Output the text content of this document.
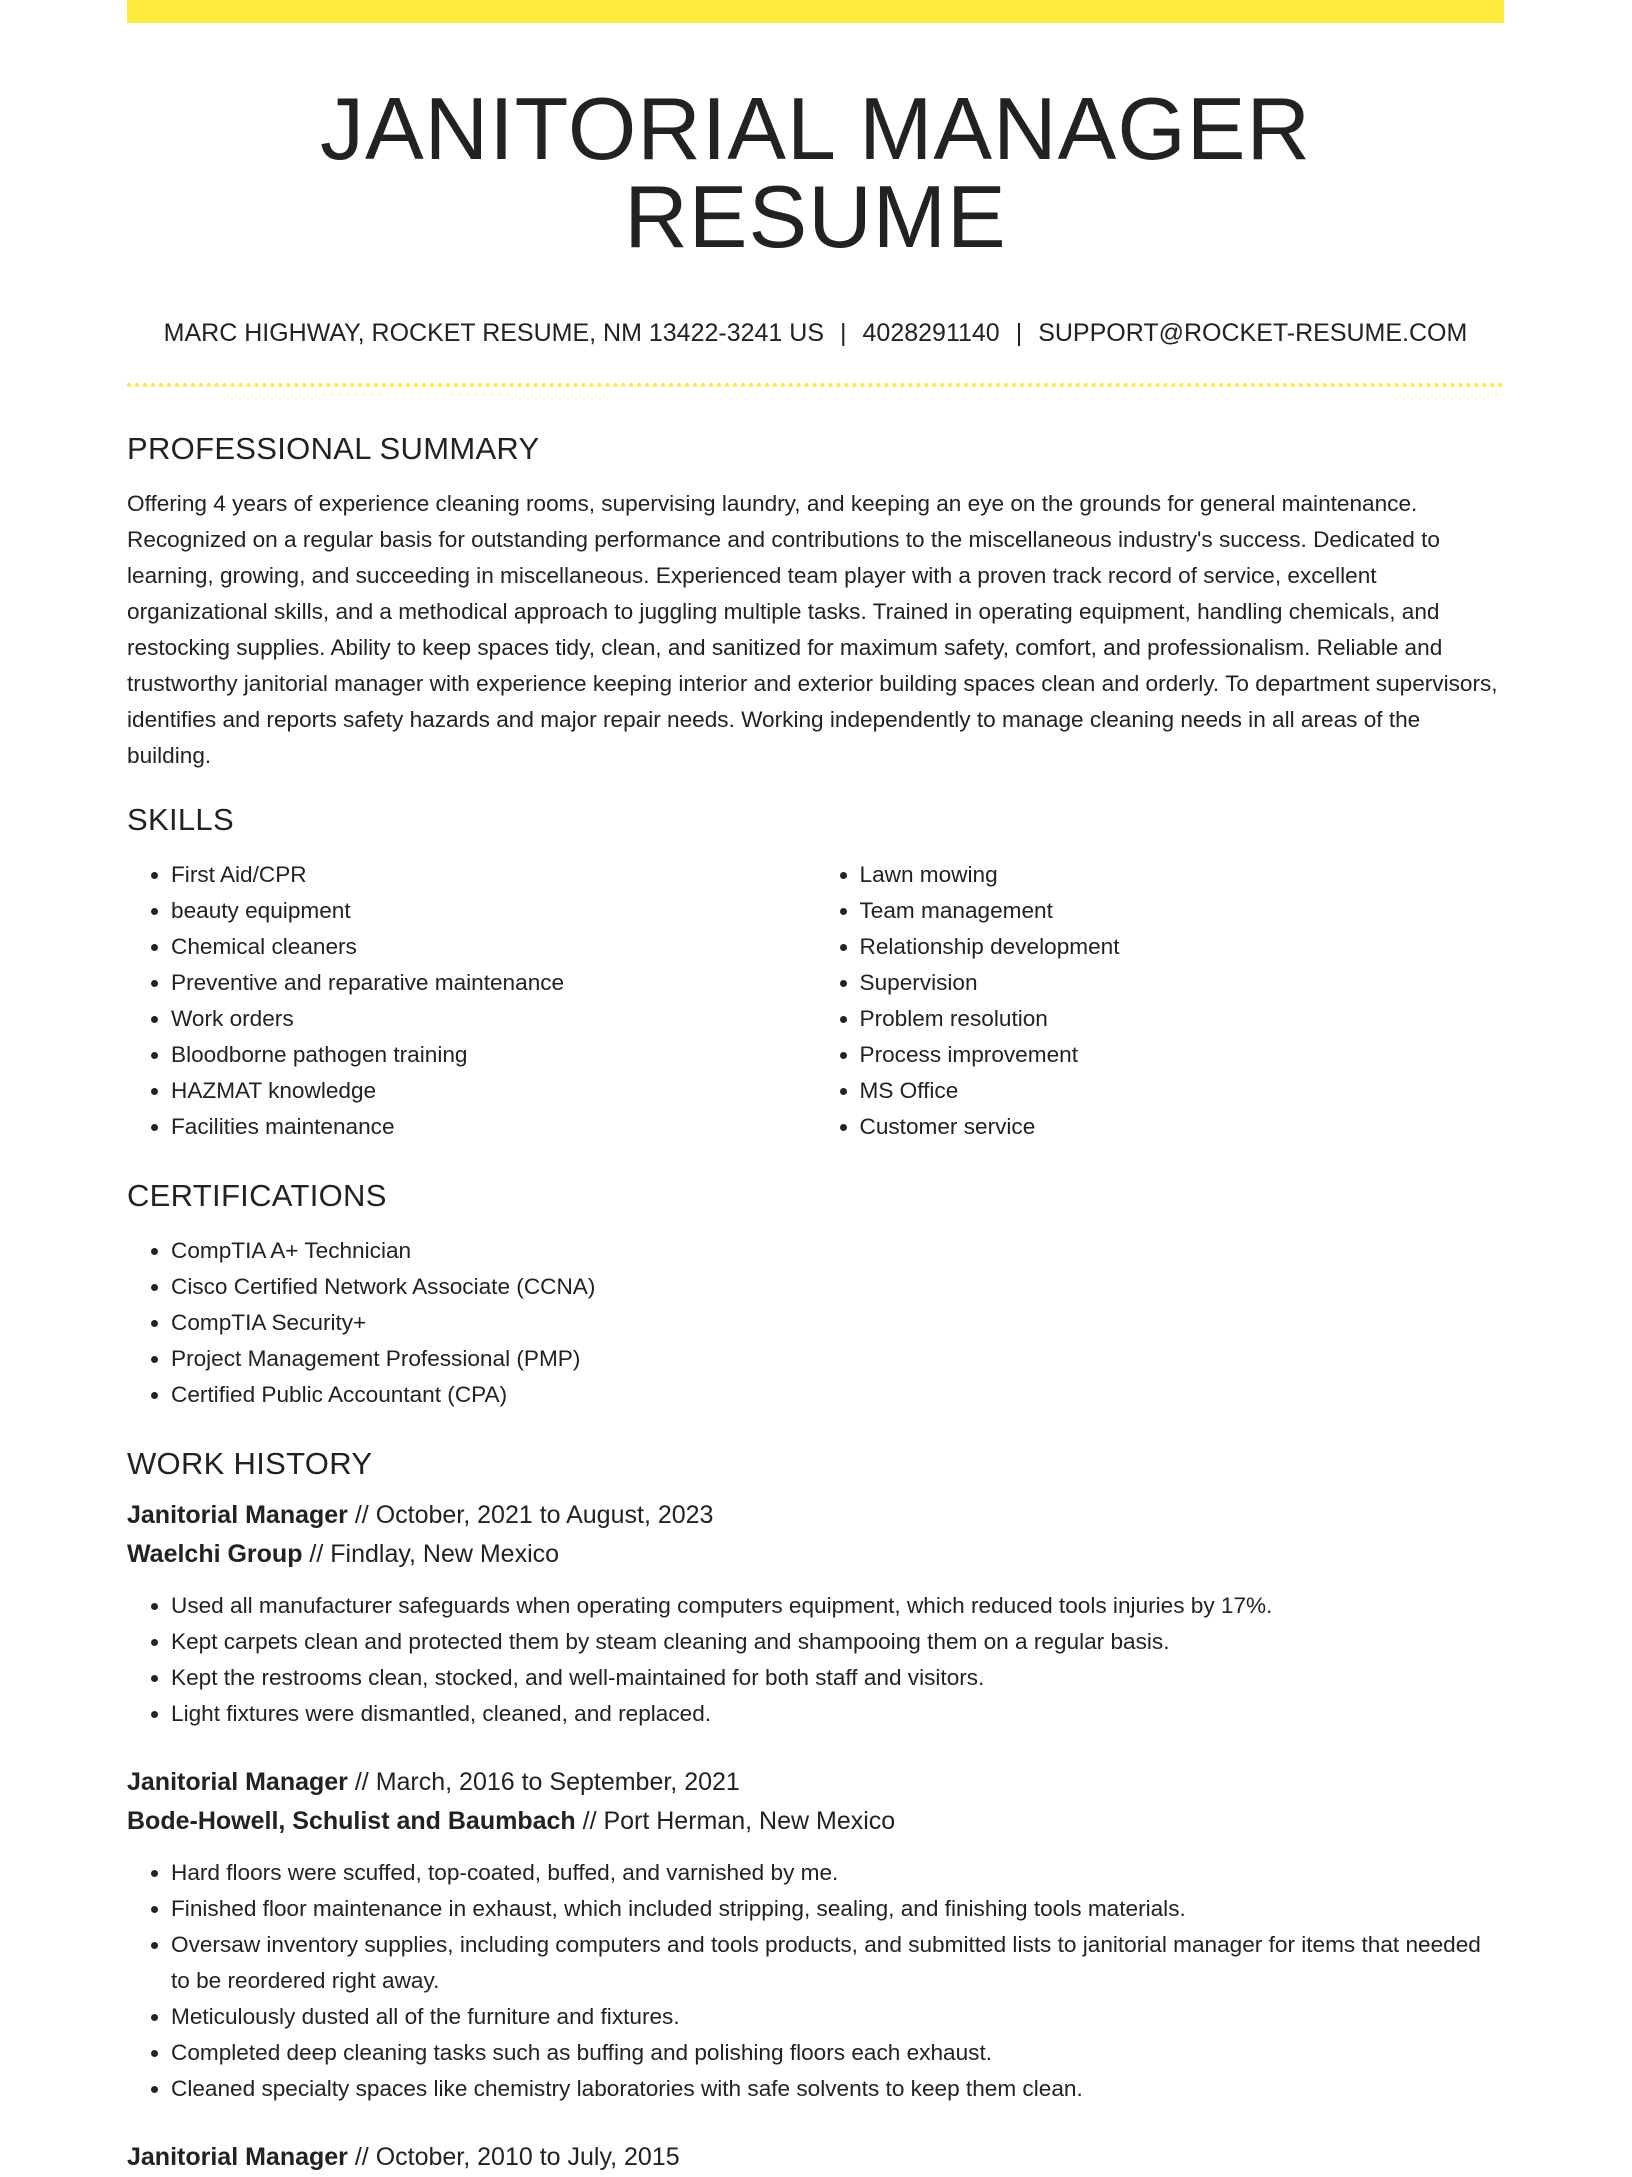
JANITORIAL MANAGER RESUME
MARC HIGHWAY, ROCKET RESUME, NM 13422-3241 US | 4028291140 | SUPPORT@ROCKET-RESUME.COM
PROFESSIONAL SUMMARY

Offering 4 years of experience cleaning rooms, supervising laundry, and keeping an eye on the grounds for general maintenance. Recognized on a regular basis for outstanding performance and contributions to the miscellaneous industry's success. Dedicated to learning, growing, and succeeding in miscellaneous. Experienced team player with a proven track record of service, excellent organizational skills, and a methodical approach to juggling multiple tasks. Trained in operating equipment, handling chemicals, and restocking supplies. Ability to keep spaces tidy, clean, and sanitized for maximum safety, comfort, and professionalism. Reliable and trustworthy janitorial manager with experience keeping interior and exterior building spaces clean and orderly. To department supervisors, identifies and reports safety hazards and major repair needs. Working independently to manage cleaning needs in all areas of the building.

SKILLS
• First Aid/CPR
• beauty equipment
• Chemical cleaners
• Preventive and reparative maintenance
• Work orders
• Bloodborne pathogen training
• HAZMAT knowledge
• Facilities maintenance
• Lawn mowing
• Team management
• Relationship development
• Supervision
• Problem resolution
• Process improvement
• MS Office
• Customer service
CERTIFICATIONS
• CompTIA A+ Technician
• Cisco Certified Network Associate (CCNA)
• CompTIA Security+
• Project Management Professional (PMP)
• Certified Public Accountant (CPA)
WORK HISTORY
Janitorial Manager // October, 2021 to August, 2023
Waelchi Group // Findlay, New Mexico
• Used all manufacturer safeguards when operating computers equipment, which reduced tools injuries by 17%.
• Kept carpets clean and protected them by steam cleaning and shampooing them on a regular basis.
• Kept the restrooms clean, stocked, and well-maintained for both staff and visitors.
• Light fixtures were dismantled, cleaned, and replaced.
Janitorial Manager // March, 2016 to September, 2021
Bode-Howell, Schulist and Baumbach // Port Herman, New Mexico
• Hard floors were scuffed, top-coated, buffed, and varnished by me.
• Finished floor maintenance in exhaust, which included stripping, sealing, and finishing tools materials.
• Oversaw inventory supplies, including computers and tools products, and submitted lists to janitorial manager for items that needed to be reordered right away.
• Meticulously dusted all of the furniture and fixtures.
• Completed deep cleaning tasks such as buffing and polishing floors each exhaust.
• Cleaned specialty spaces like chemistry laboratories with safe solvents to keep them clean.
Janitorial Manager // October, 2010 to July, 2015
